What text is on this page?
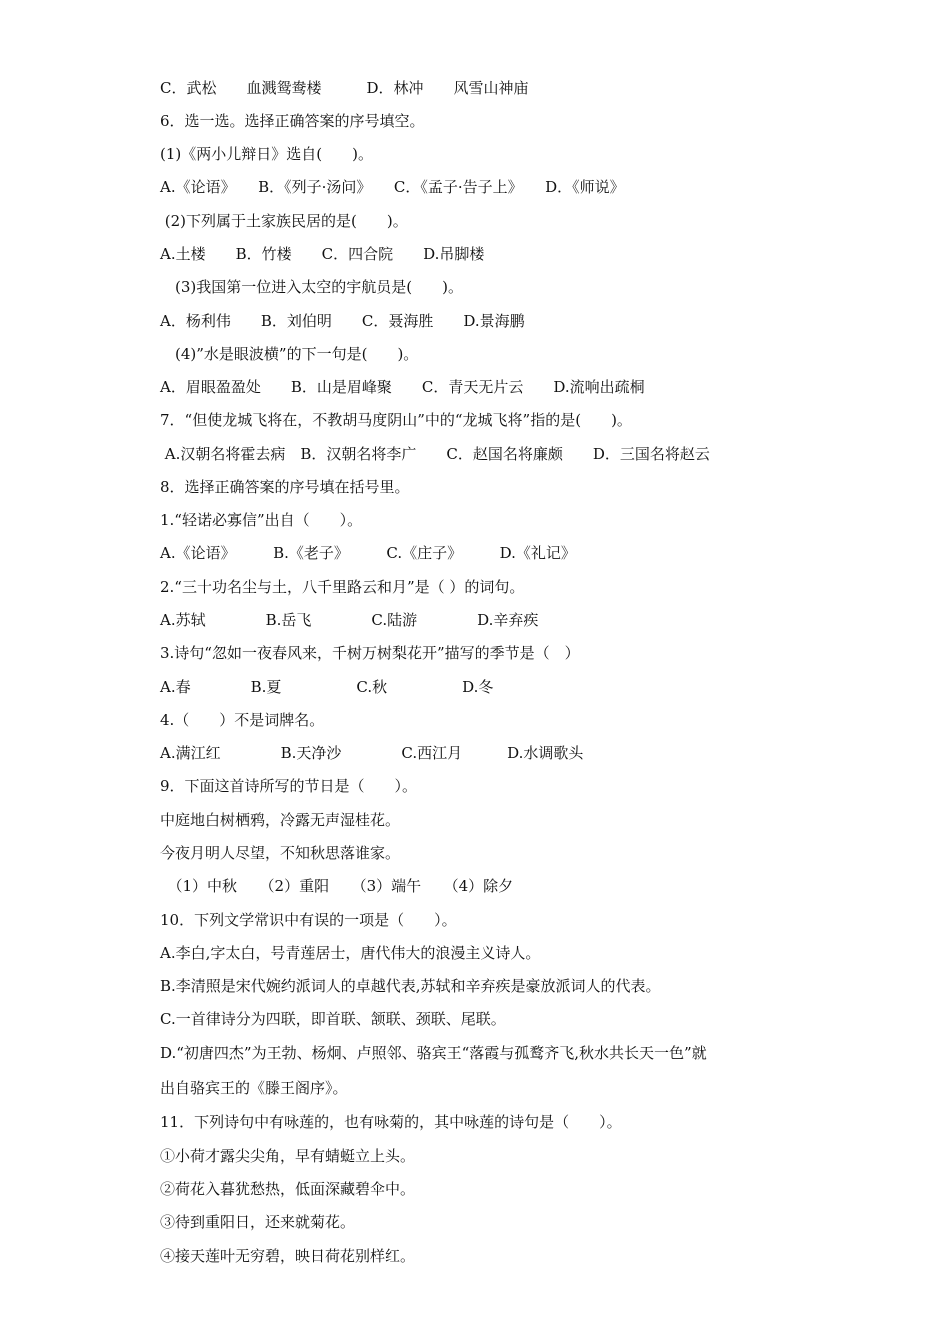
C．武松　　血溅鸳鸯楼　　　D．林冲　　风雪山神庙
6．选一选。选择正确答案的序号填空。
(1)《两小儿辩日》选自(　　)。
A.《论语》　　B．《列子·汤问》　　C．《孟子·告子上》　　D．《师说》
(2)下列属于土家族民居的是(　　)。
A.土楼　　B．竹楼　　C．四合院　　D.吊脚楼
　(3)我国第一位进入太空的宇航员是(　　)。
A．杨利伟　　B．刘伯明　　C．聂海胜　　D.景海鹏
　(4)”水是眼波横”的下一句是(　　)。
A．眉眼盈盈处　　B．山是眉峰聚　　C．青天无片云　　D.流响出疏桐
7．“但使龙城飞将在，不教胡马度阴山”中的“龙城飞将”指的是(　　)。
A.汉朝名将霍去病　B．汉朝名将李广　　C．赵国名将廉颇　　D．三国名将赵云
8．选择正确答案的序号填在括号里。
1.“轻诺必寡信”出自（　　）。
A.《论语》　　　B.《老子》　　　C.《庄子》　　　D.《礼记》
2.“三十功名尘与土，八千里路云和月”是（ ）的词句。
A.苏轼　　　　B.岳飞　　　　C.陆游　　　　D.辛弃疾
3.诗句“忽如一夜春风来，千树万树梨花开”描写的季节是（　）
A.春　　　　B.夏　　　　　C.秋　　　　　D.冬
4.（　　）不是词牌名。
A.满江红　　　　B.天净沙　　　　C.西江月　　　D.水调歌头
9．下面这首诗所写的节日是（　　）。
中庭地白树栖鸦，冷露无声湿桂花。
今夜月明人尽望，不知秋思落谁家。
　（1）中秋　　（2）重阳　　（3）端午　　（4）除夕
10．下列文学常识中有误的一项是（　　）。
A.李白,字太白，号青莲居士，唐代伟大的浪漫主义诗人。
B.李清照是宋代婉约派词人的卓越代表,苏轼和辛弃疾是豪放派词人的代表。
C.一首律诗分为四联，即首联、颔联、颈联、尾联。
D.“初唐四杰”为王勃、杨炯、卢照邻、骆宾王“落霞与孤鹜齐飞,秋水共长天一色”就
出自骆宾王的《滕王阁序》。
11．下列诗句中有咏莲的，也有咏菊的，其中咏莲的诗句是（　　）。
①小荷才露尖尖角，早有蜻蜓立上头。
②荷花入暮犹愁热，低面深藏碧伞中。
③待到重阳日，还来就菊花。
④接天莲叶无穷碧，映日荷花别样红。
